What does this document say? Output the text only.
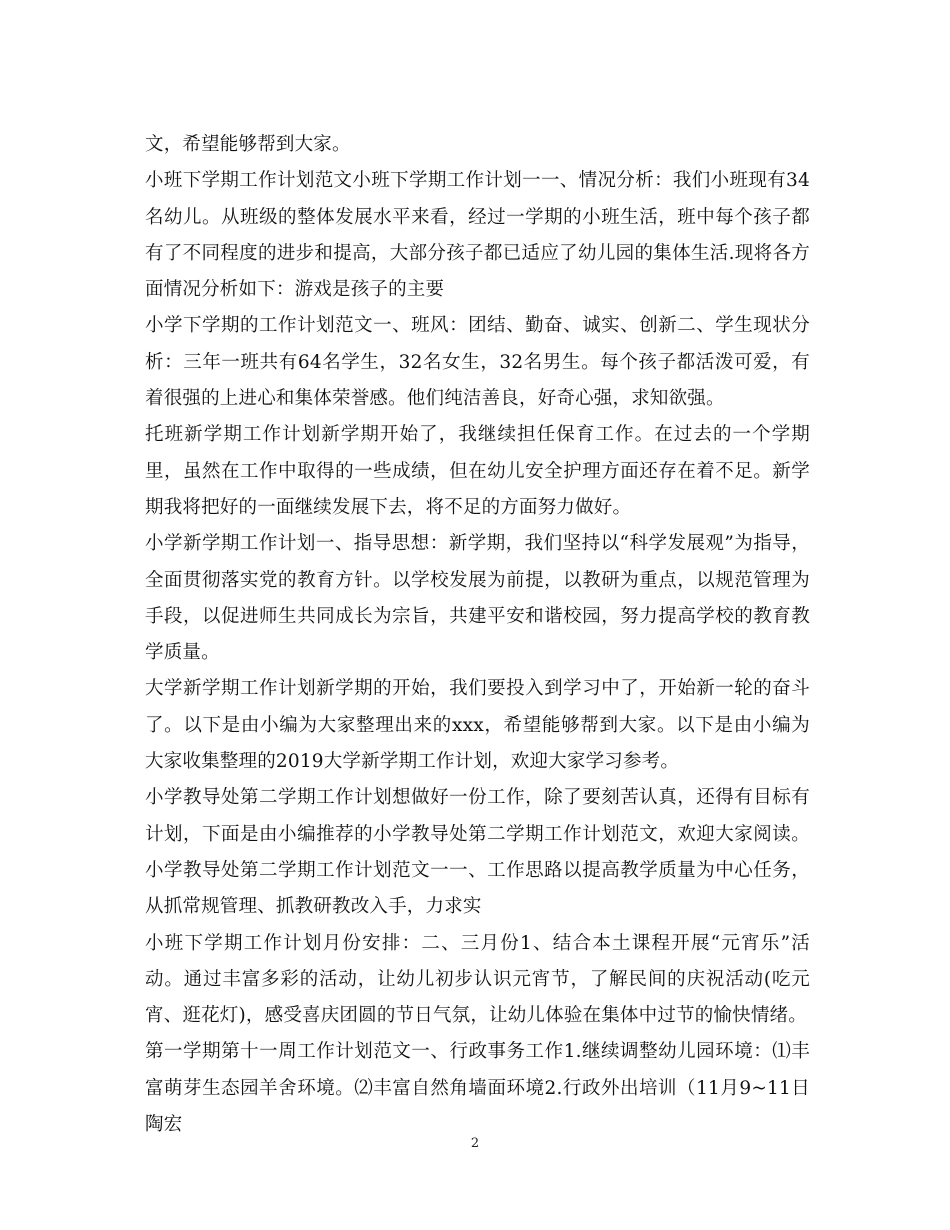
文，希望能够帮到大家。

小班下学期工作计划范文小班下学期工作计划一一、情况分析：我们小班现有34名幼儿。从班级的整体发展水平来看，经过一学期的小班生活，班中每个孩子都有了不同程度的进步和提高，大部分孩子都已适应了幼儿园的集体生活.现将各方面情况分析如下：游戏是孩子的主要

小学下学期的工作计划范文一、班风：团结、勤奋、诚实、创新二、学生现状分析：三年一班共有64名学生，32名女生，32名男生。每个孩子都活泼可爱，有着很强的上进心和集体荣誉感。他们纯洁善良，好奇心强，求知欲强。

托班新学期工作计划新学期开始了，我继续担任保育工作。在过去的一个学期里，虽然在工作中取得的一些成绩，但在幼儿安全护理方面还存在着不足。新学期我将把好的一面继续发展下去，将不足的方面努力做好。

小学新学期工作计划一、指导思想：新学期，我们坚持以“科学发展观”为指导，全面贯彻落实党的教育方针。以学校发展为前提，以教研为重点，以规范管理为手段，以促进师生共同成长为宗旨，共建平安和谐校园，努力提高学校的教育教学质量。

大学新学期工作计划新学期的开始，我们要投入到学习中了，开始新一轮的奋斗了。以下是由小编为大家整理出来的xxx，希望能够帮到大家。以下是由小编为大家收集整理的2019大学新学期工作计划，欢迎大家学习参考。

小学教导处第二学期工作计划想做好一份工作，除了要刻苦认真，还得有目标有计划，下面是由小编推荐的小学教导处第二学期工作计划范文，欢迎大家阅读。小学教导处第二学期工作计划范文一一、工作思路以提高教学质量为中心任务，从抓常规管理、抓教研教改入手，力求实

小班下学期工作计划月份安排：二、三月份1、结合本土课程开展“元宵乐”活动。通过丰富多彩的活动，让幼儿初步认识元宵节，了解民间的庆祝活动(吃元宵、逛花灯)，感受喜庆团圆的节日气氛，让幼儿体验在集体中过节的愉快情绪。

第一学期第十一周工作计划范文一、行政事务工作1.继续调整幼儿园环境：⑴丰富萌芽生态园羊舍环境。⑵丰富自然角墙面环境2.行政外出培训（11月9~11日陶宏

2
